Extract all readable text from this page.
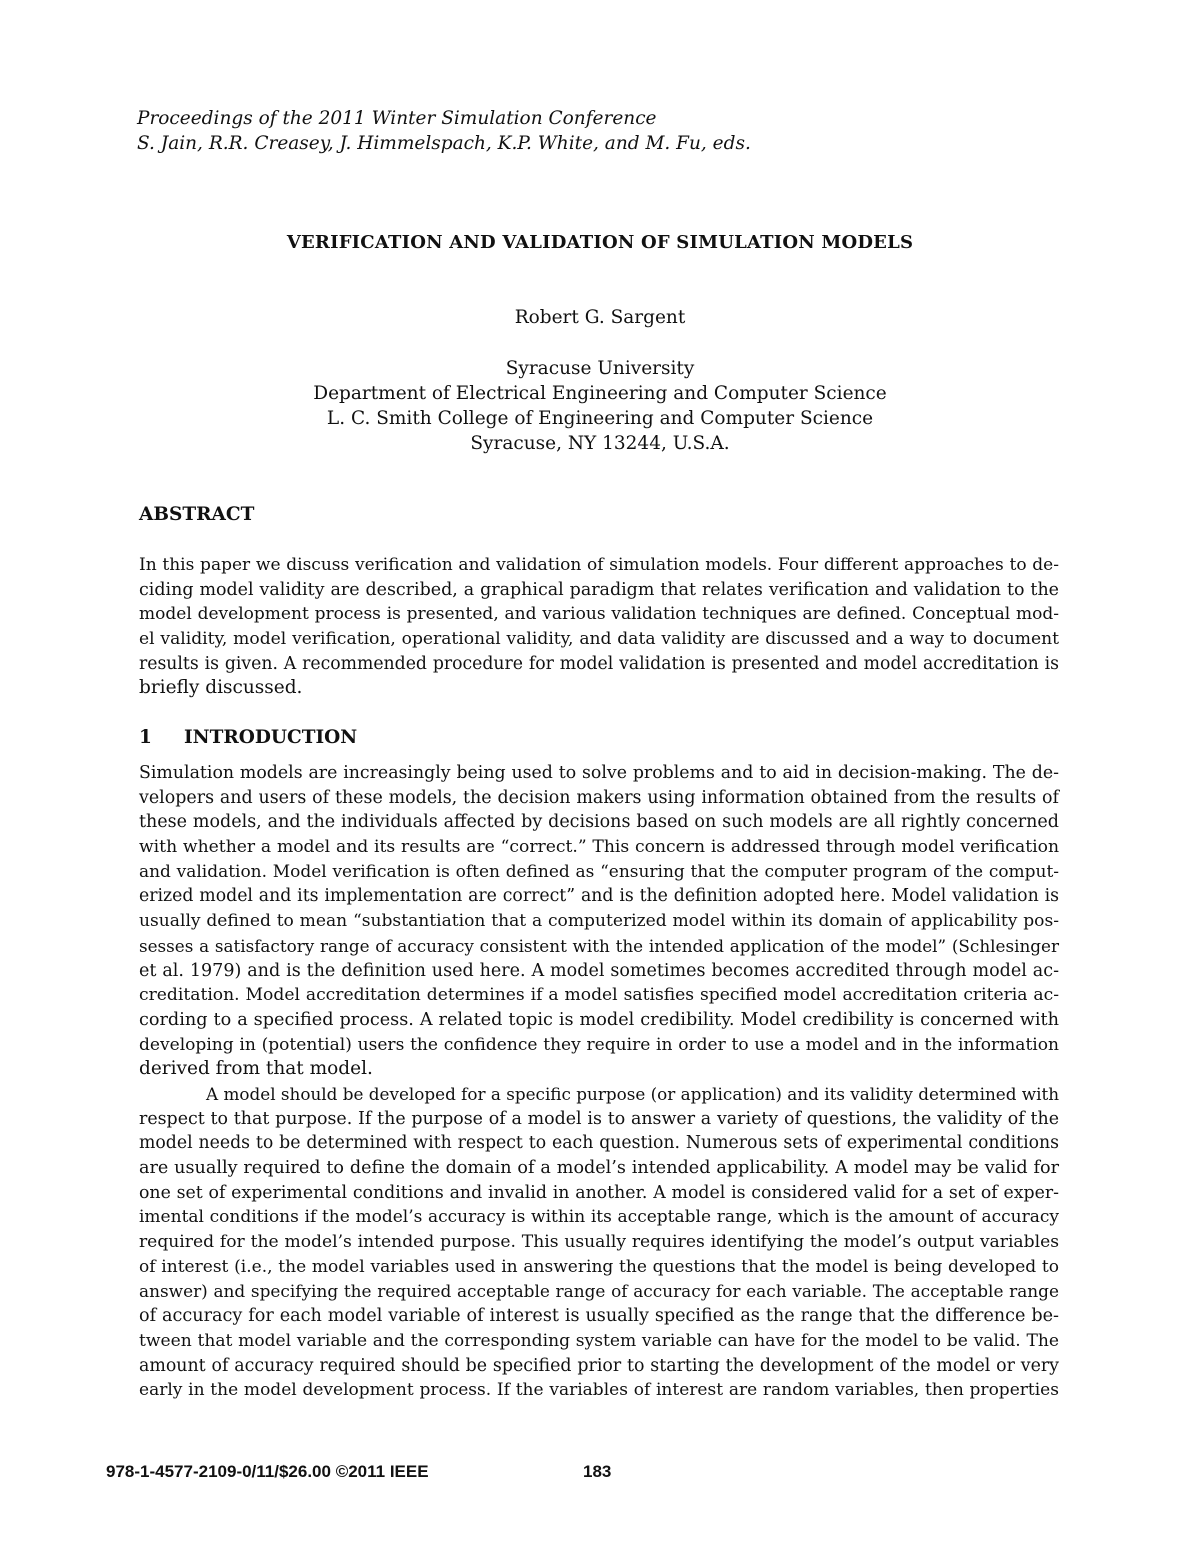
Proceedings of the 2011 Winter Simulation Conference
S. Jain, R.R. Creasey, J. Himmelspach, K.P. White, and M. Fu, eds.
VERIFICATION AND VALIDATION OF SIMULATION MODELS
Robert G. Sargent
Syracuse University
Department of Electrical Engineering and Computer Science
L. C. Smith College of Engineering and Computer Science
Syracuse, NY 13244, U.S.A.
ABSTRACT
In this paper we discuss verification and validation of simulation models. Four different approaches to de-
ciding model validity are described, a graphical paradigm that relates verification and validation to the
model development process is presented, and various validation techniques are defined. Conceptual mod-
el validity, model verification, operational validity, and data validity are discussed and a way to document
results is given. A recommended procedure for model validation is presented and model accreditation is
briefly discussed.
1 INTRODUCTION
Simulation models are increasingly being used to solve problems and to aid in decision-making. The de-
velopers and users of these models, the decision makers using information obtained from the results of
these models, and the individuals affected by decisions based on such models are all rightly concerned
with whether a model and its results are “correct.” This concern is addressed through model verification
and validation. Model verification is often defined as “ensuring that the computer program of the comput-
erized model and its implementation are correct” and is the definition adopted here. Model validation is
usually defined to mean “substantiation that a computerized model within its domain of applicability pos-
sesses a satisfactory range of accuracy consistent with the intended application of the model” (Schlesinger
et al. 1979) and is the definition used here. A model sometimes becomes accredited through model ac-
creditation. Model accreditation determines if a model satisfies specified model accreditation criteria ac-
cording to a specified process. A related topic is model credibility. Model credibility is concerned with
developing in (potential) users the confidence they require in order to use a model and in the information
derived from that model.
A model should be developed for a specific purpose (or application) and its validity determined with
respect to that purpose. If the purpose of a model is to answer a variety of questions, the validity of the
model needs to be determined with respect to each question. Numerous sets of experimental conditions
are usually required to define the domain of a model’s intended applicability. A model may be valid for
one set of experimental conditions and invalid in another. A model is considered valid for a set of exper-
imental conditions if the model’s accuracy is within its acceptable range, which is the amount of accuracy
required for the model’s intended purpose. This usually requires identifying the model’s output variables
of interest (i.e., the model variables used in answering the questions that the model is being developed to
answer) and specifying the required acceptable range of accuracy for each variable. The acceptable range
of accuracy for each model variable of interest is usually specified as the range that the difference be-
tween that model variable and the corresponding system variable can have for the model to be valid. The
amount of accuracy required should be specified prior to starting the development of the model or very
early in the model development process. If the variables of interest are random variables, then properties
978-1-4577-2109-0/11/$26.00 ©2011 IEEE	183
